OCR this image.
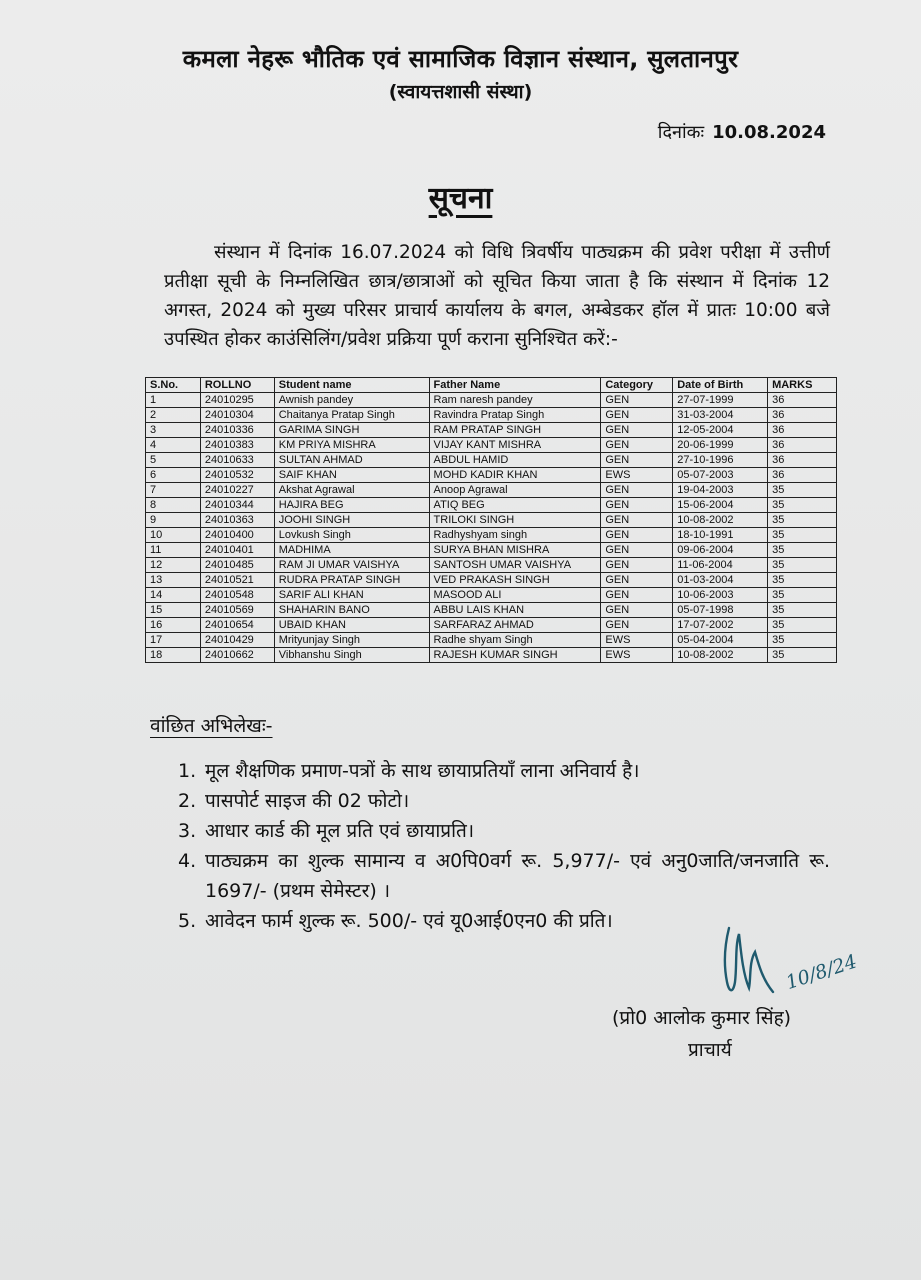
कमला नेहरू भौतिक एवं सामाजिक विज्ञान संस्थान, सुलतानपुर
(स्वायत्तशासी संस्था)
दिनांकः 10.08.2024
सूचना
संस्थान में दिनांक 16.07.2024 को विधि त्रिवर्षीय पाठ्यक्रम की प्रवेश परीक्षा में उत्तीर्ण प्रतीक्षा सूची के निम्नलिखित छात्र/छात्राओं को सूचित किया जाता है कि संस्थान में दिनांक 12 अगस्त, 2024 को मुख्य परिसर प्राचार्य कार्यालय के बगल, अम्बेडकर हॉल में प्रातः 10:00 बजे उपस्थित होकर काउंसिलिंग/प्रवेश प्रक्रिया पूर्ण कराना सुनिश्चित करें:-
S.No.	ROLLNO	Student name	Father Name	Category	Date of Birth	MARKS
1	24010295	Awnish pandey	Ram naresh pandey	GEN	27-07-1999	36
2	24010304	Chaitanya Pratap Singh	Ravindra Pratap Singh	GEN	31-03-2004	36
3	24010336	GARIMA SINGH	RAM PRATAP SINGH	GEN	12-05-2004	36
4	24010383	KM PRIYA MISHRA	VIJAY KANT MISHRA	GEN	20-06-1999	36
5	24010633	SULTAN AHMAD	ABDUL HAMID	GEN	27-10-1996	36
6	24010532	SAIF KHAN	MOHD KADIR KHAN	EWS	05-07-2003	36
7	24010227	Akshat Agrawal	Anoop Agrawal	GEN	19-04-2003	35
8	24010344	HAJIRA BEG	ATIQ BEG	GEN	15-06-2004	35
9	24010363	JOOHI SINGH	TRILOKI SINGH	GEN	10-08-2002	35
10	24010400	Lovkush Singh	Radhyshyam singh	GEN	18-10-1991	35
11	24010401	MADHIMA	SURYA BHAN MISHRA	GEN	09-06-2004	35
12	24010485	RAM JI UMAR VAISHYA	SANTOSH UMAR VAISHYA	GEN	11-06-2004	35
13	24010521	RUDRA PRATAP SINGH	VED PRAKASH SINGH	GEN	01-03-2004	35
14	24010548	SARIF ALI KHAN	MASOOD ALI	GEN	10-06-2003	35
15	24010569	SHAHARIN BANO	ABBU LAIS KHAN	GEN	05-07-1998	35
16	24010654	UBAID KHAN	SARFARAZ AHMAD	GEN	17-07-2002	35
17	24010429	Mrityunjay Singh	Radhe shyam Singh	EWS	05-04-2004	35
18	24010662	Vibhanshu Singh	RAJESH KUMAR SINGH	EWS	10-08-2002	35
वांछित अभिलेखः-
1. मूल शैक्षणिक प्रमाण-पत्रों के साथ छायाप्रतियाँ लाना अनिवार्य है।
2. पासपोर्ट साइज की 02 फोटो।
3. आधार कार्ड की मूल प्रति एवं छायाप्रति।
4. पाठ्यक्रम का शुल्क सामान्य व अ0पि0वर्ग रू. 5,977/- एवं अनु0जाति/जनजाति रू. 1697/- (प्रथम सेमेस्टर) ।
5. आवेदन फार्म शुल्क रू. 500/- एवं यू0आई0एन0 की प्रति।
10/8/24
(प्रो0 आलोक कुमार सिंह)
प्राचार्य
